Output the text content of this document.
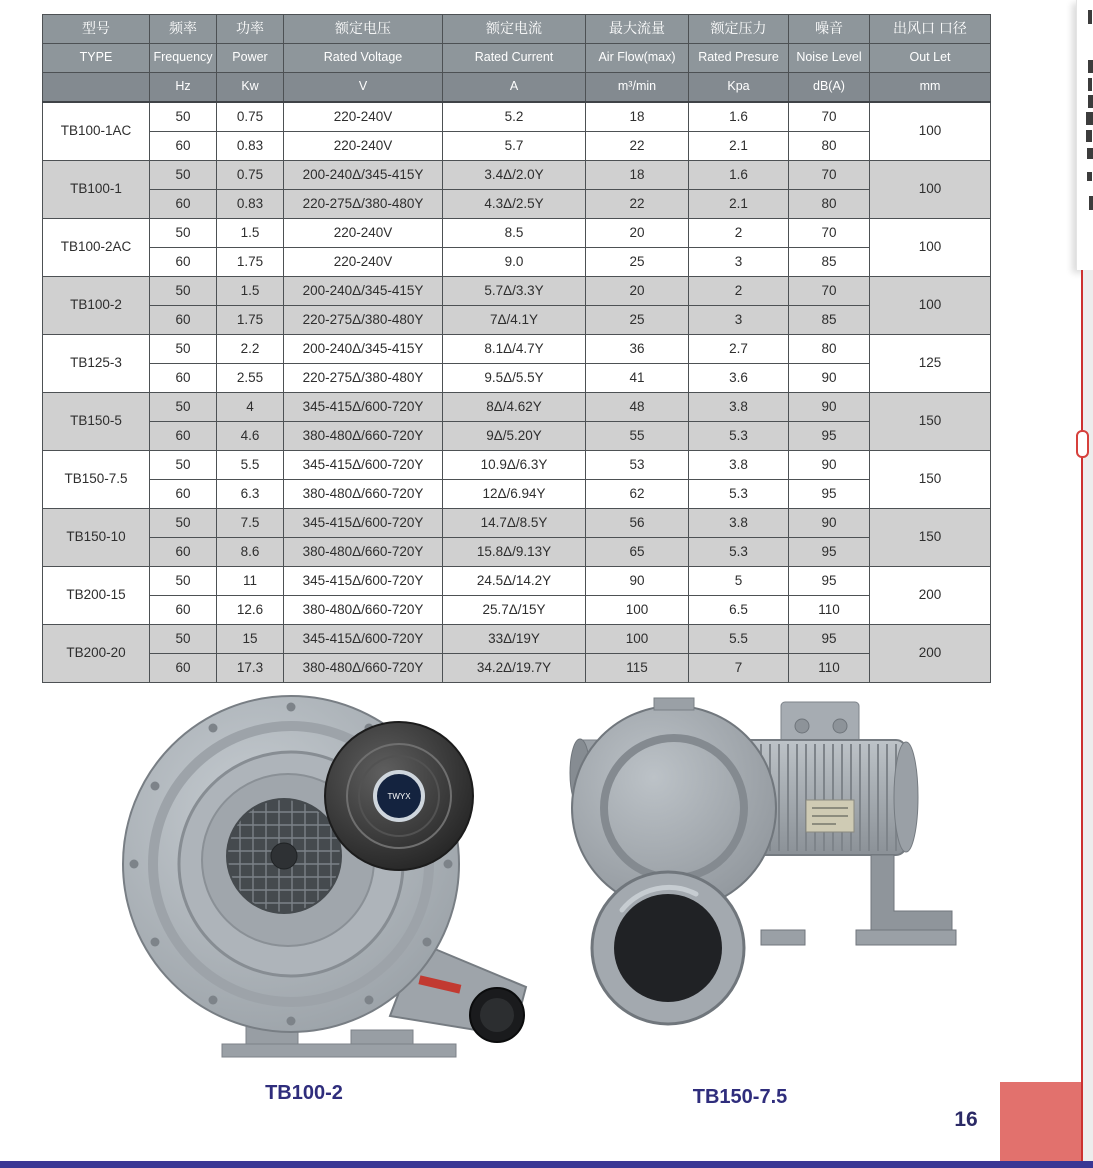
型号	频率	功率	额定电压	额定电流	最大流量	额定压力	噪音	出风口 口径
TYPE	Frequency	Power	Rated Voltage	Rated Current	Air Flow(max)	Rated Presure	Noise Level	Out Let
	Hz	Kw	V	A	m³/min	Kpa	dB(A)	mm
TB100-1AC	50	0.75	220-240V	5.2	18	1.6	70	100
	60	0.83	220-240V	5.7	22	2.1	80	
TB100-1	50	0.75	200-240Δ/345-415Y	3.4Δ/2.0Y	18	1.6	70	100
	60	0.83	220-275Δ/380-480Y	4.3Δ/2.5Y	22	2.1	80	
TB100-2AC	50	1.5	220-240V	8.5	20	2	70	100
	60	1.75	220-240V	9.0	25	3	85	
TB100-2	50	1.5	200-240Δ/345-415Y	5.7Δ/3.3Y	20	2	70	100
	60	1.75	220-275Δ/380-480Y	7Δ/4.1Y	25	3	85	
TB125-3	50	2.2	200-240Δ/345-415Y	8.1Δ/4.7Y	36	2.7	80	125
	60	2.55	220-275Δ/380-480Y	9.5Δ/5.5Y	41	3.6	90	
TB150-5	50	4	345-415Δ/600-720Y	8Δ/4.62Y	48	3.8	90	150
	60	4.6	380-480Δ/660-720Y	9Δ/5.20Y	55	5.3	95	
TB150-7.5	50	5.5	345-415Δ/600-720Y	10.9Δ/6.3Y	53	3.8	90	150
	60	6.3	380-480Δ/660-720Y	12Δ/6.94Y	62	5.3	95	
TB150-10	50	7.5	345-415Δ/600-720Y	14.7Δ/8.5Y	56	3.8	90	150
	60	8.6	380-480Δ/660-720Y	15.8Δ/9.13Y	65	5.3	95	
TB200-15	50	11	345-415Δ/600-720Y	24.5Δ/14.2Y	90	5	95	200
	60	12.6	380-480Δ/660-720Y	25.7Δ/15Y	100	6.5	110	
TB200-20	50	15	345-415Δ/600-720Y	33Δ/19Y	100	5.5	95	200
	60	17.3	380-480Δ/660-720Y	34.2Δ/19.7Y	115	7	110	
TWYX
TB100-2	TB150-7.5
16
